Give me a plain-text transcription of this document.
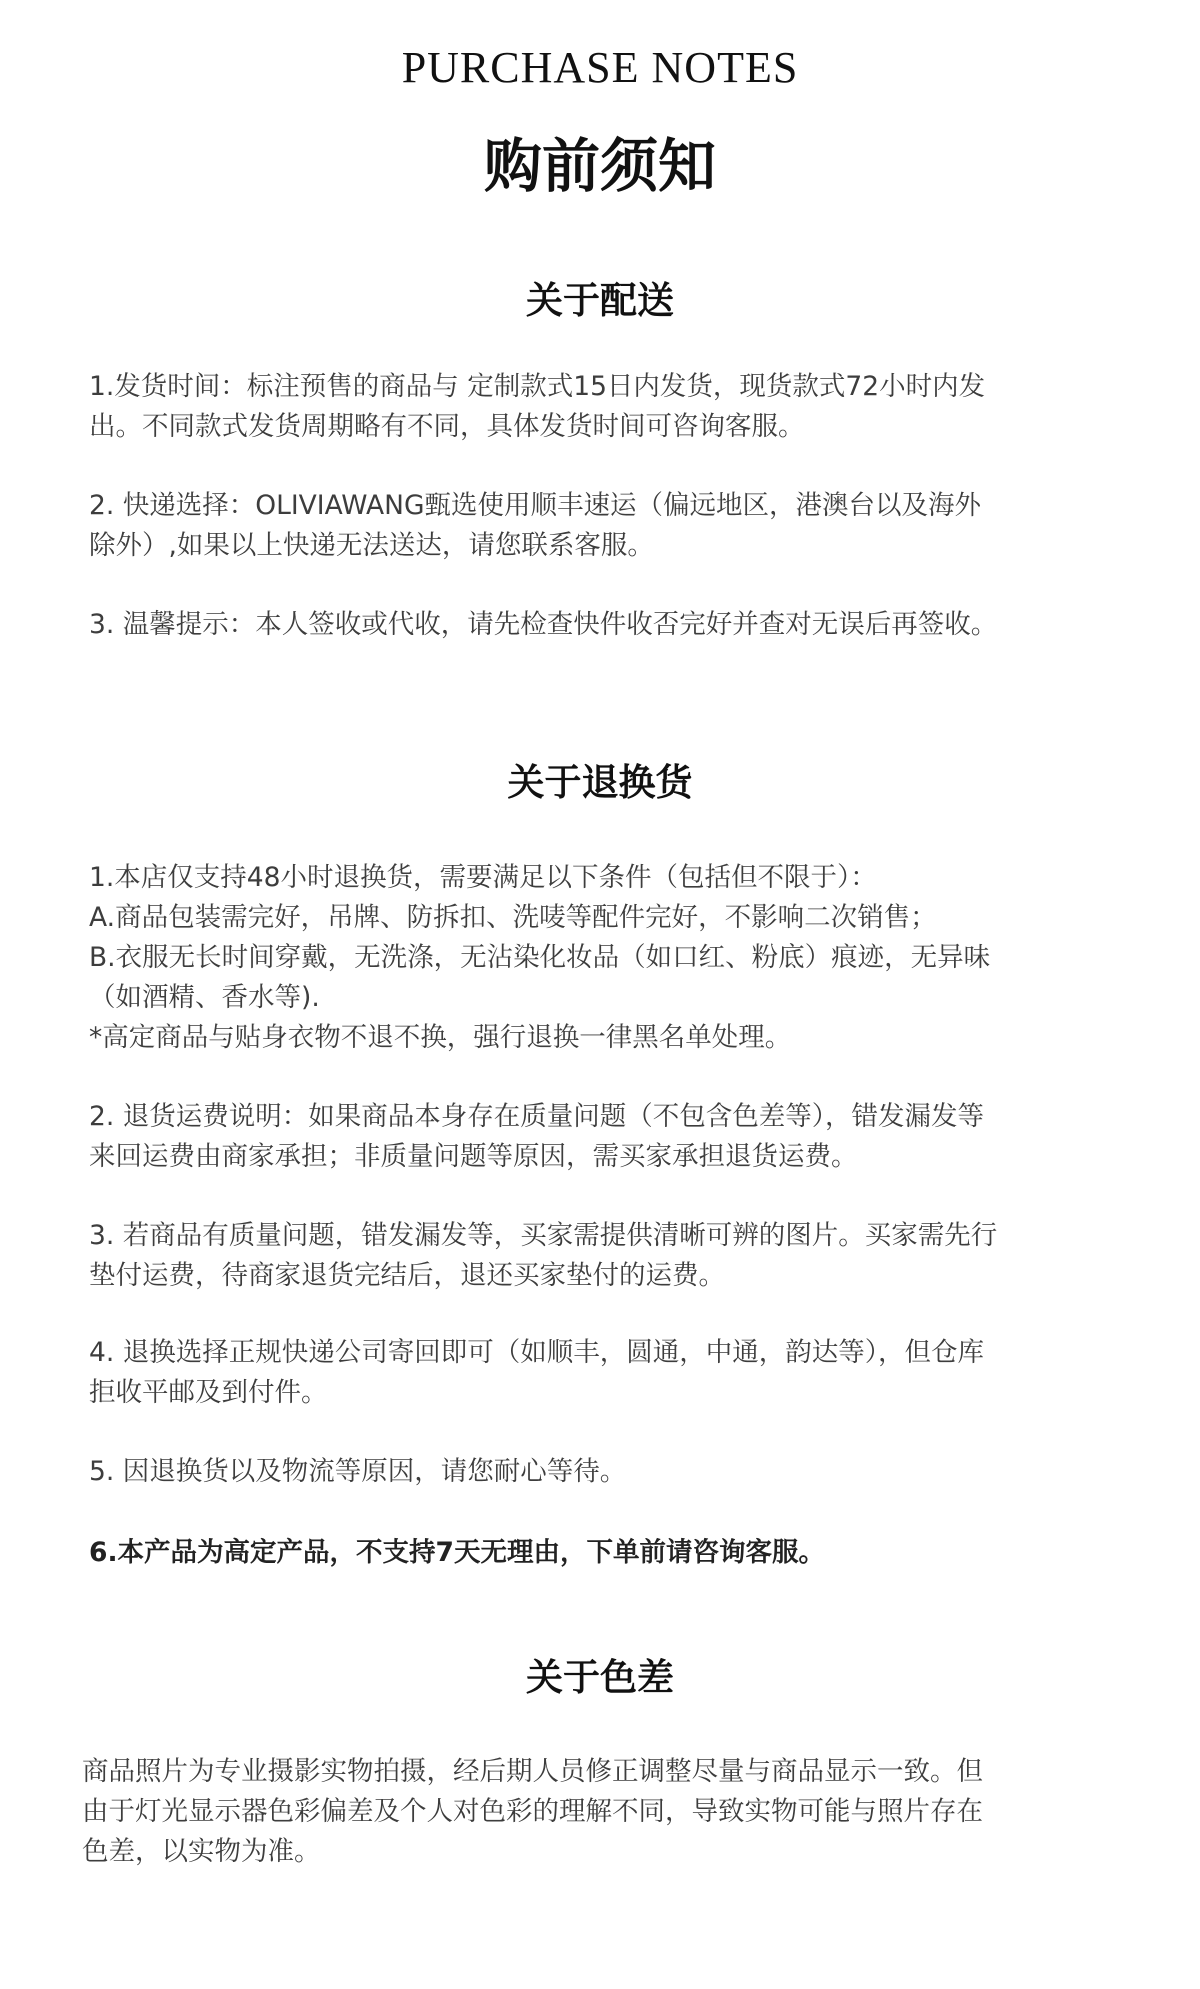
PURCHASE NOTES
购前须知
关于配送
1.发货时间：标注预售的商品与 定制款式15日内发货，现货款式72小时内发
出。不同款式发货周期略有不同，具体发货时间可咨询客服。
2. 快递选择：OLIVIAWANG甄选使用顺丰速运（偏远地区，港澳台以及海外
除外）,如果以上快递无法送达，请您联系客服。
3. 温馨提示：本人签收或代收，请先检查快件收否完好并查对无误后再签收。
关于退换货
1.本店仅支持48小时退换货，需要满足以下条件（包括但不限于）：
A.商品包装需完好，吊牌、防拆扣、洗唛等配件完好，不影响二次销售；
B.衣服无长时间穿戴，无洗涤，无沾染化妆品（如口红、粉底）痕迹，无异味
（如酒精、香水等).
*高定商品与贴身衣物不退不换，强行退换一律黑名单处理。
2. 退货运费说明：如果商品本身存在质量问题（不包含色差等），错发漏发等
来回运费由商家承担；非质量问题等原因，需买家承担退货运费。
3. 若商品有质量问题，错发漏发等，买家需提供清晰可辨的图片。买家需先行
垫付运费，待商家退货完结后，退还买家垫付的运费。
4. 退换选择正规快递公司寄回即可（如顺丰，圆通，中通，韵达等），但仓库
拒收平邮及到付件。
5. 因退换货以及物流等原因，请您耐心等待。
6.本产品为高定产品，不支持7天无理由，下单前请咨询客服。
关于色差
商品照片为专业摄影实物拍摄，经后期人员修正调整尽量与商品显示一致。但
由于灯光显示器色彩偏差及个人对色彩的理解不同，导致实物可能与照片存在
色差，以实物为准。
